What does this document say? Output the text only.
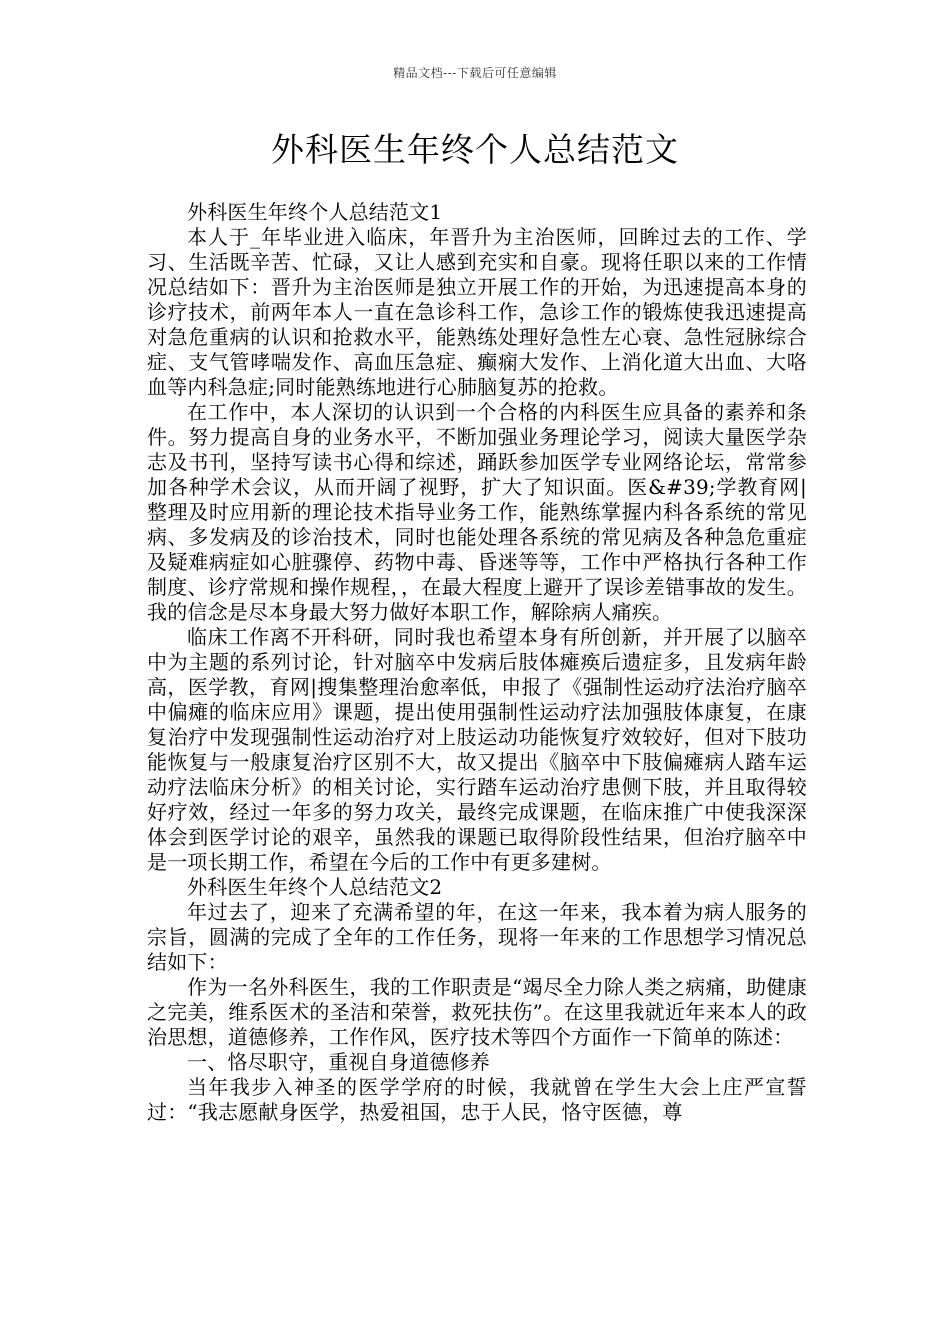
精品文档---下载后可任意编辑
外科医生年终个人总结范文

外科医生年终个人总结范文1

本人于_年毕业进入临床，年晋升为主治医师，回眸过去的工作、学习、生活既辛苦、忙碌，又让人感到充实和自豪。现将任职以来的工作情况总结如下：晋升为主治医师是独立开展工作的开始，为迅速提高本身的诊疗技术，前两年本人一直在急诊科工作，急诊工作的锻炼使我迅速提高对急危重病的认识和抢救水平，能熟练处理好急性左心衰、急性冠脉综合症、支气管哮喘发作、高血压急症、癫痫大发作、上消化道大出血、大咯血等内科急症;同时能熟练地进行心肺脑复苏的抢救。

在工作中，本人深切的认识到一个合格的内科医生应具备的素养和条件。努力提高自身的业务水平，不断加强业务理论学习，阅读大量医学杂志及书刊，坚持写读书心得和综述，踊跃参加医学专业网络论坛，常常参加各种学术会议，从而开阔了视野，扩大了知识面。医&#39;学教育网|整理及时应用新的理论技术指导业务工作，能熟练掌握内科各系统的常见病、多发病及的诊治技术，同时也能处理各系统的常见病及各种急危重症及疑难病症如心脏骤停、药物中毒、昏迷等等，工作中严格执行各种工作制度、诊疗常规和操作规程，，在最大程度上避开了误诊差错事故的发生。我的信念是尽本身最大努力做好本职工作，解除病人痛疾。

临床工作离不开科研，同时我也希望本身有所创新，并开展了以脑卒中为主题的系列讨论，针对脑卒中发病后肢体瘫痪后遗症多，且发病年龄高，医学教，育网|搜集整理治愈率低，申报了《强制性运动疗法治疗脑卒中偏瘫的临床应用》课题，提出使用强制性运动疗法加强肢体康复，在康复治疗中发现强制性运动治疗对上肢运动功能恢复疗效较好，但对下肢功能恢复与一般康复治疗区别不大，故又提出《脑卒中下肢偏瘫病人踏车运动疗法临床分析》的相关讨论，实行踏车运动治疗患侧下肢，并且取得较好疗效，经过一年多的努力攻关，最终完成课题，在临床推广中使我深深体会到医学讨论的艰辛，虽然我的课题已取得阶段性结果，但治疗脑卒中是一项长期工作，希望在今后的工作中有更多建树。

外科医生年终个人总结范文2

年过去了，迎来了充满希望的年，在这一年来，我本着为病人服务的宗旨，圆满的完成了全年的工作任务，现将一年来的工作思想学习情况总结如下：

作为一名外科医生，我的工作职责是“竭尽全力除人类之病痛，助健康之完美，维系医术的圣洁和荣誉，救死扶伤”。在这里我就近年来本人的政治思想，道德修养，工作作风，医疗技术等四个方面作一下简单的陈述：

一、恪尽职守，重视自身道德修养

当年我步入神圣的医学学府的时候，我就曾在学生大会上庄严宣誓过：“我志愿献身医学，热爱祖国，忠于人民，恪守医德，尊
